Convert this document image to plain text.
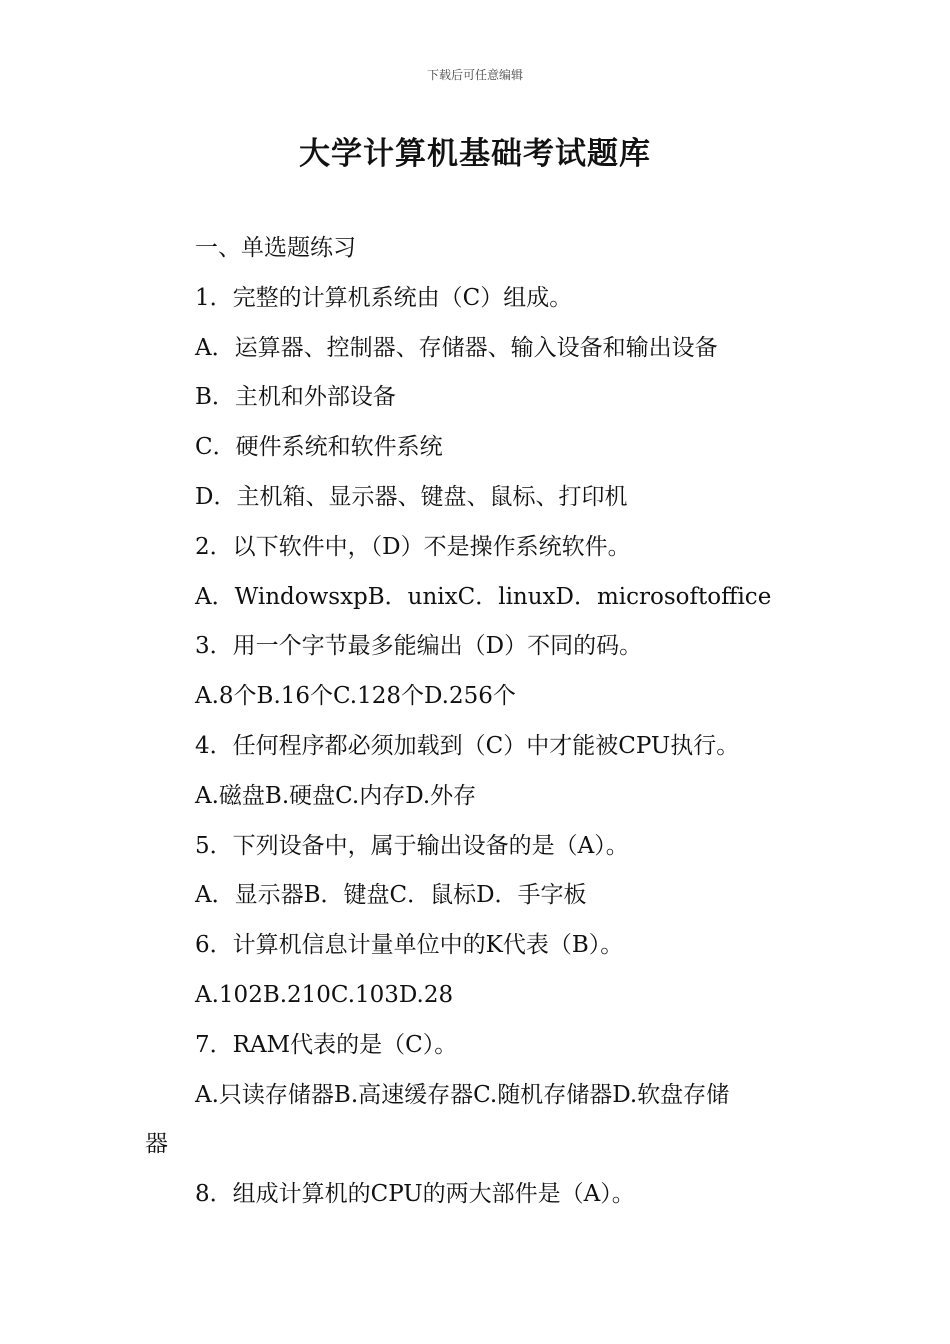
下载后可任意编辑
大学计算机基础考试题库
一、单选题练习
1．完整的计算机系统由（C）组成。
A．运算器、控制器、存储器、输入设备和输出设备
B．主机和外部设备
C．硬件系统和软件系统
D．主机箱、显示器、键盘、鼠标、打印机
2．以下软件中，（D）不是操作系统软件。
A．WindowsxpB．unixC．linuxD．microsoftoffice
3．用一个字节最多能编出（D）不同的码。
A.8个B.16个C.128个D.256个
4．任何程序都必须加载到（C）中才能被CPU执行。
A.磁盘B.硬盘C.内存D.外存
5．下列设备中，属于输出设备的是（A）。
A．显示器B．键盘C．鼠标D．手字板
6．计算机信息计量单位中的K代表（B）。
A.102B.210C.103D.28
7．RAM代表的是（C）。
A.只读存储器B.高速缓存器C.随机存储器D.软盘存储
器
8．组成计算机的CPU的两大部件是（A）。
